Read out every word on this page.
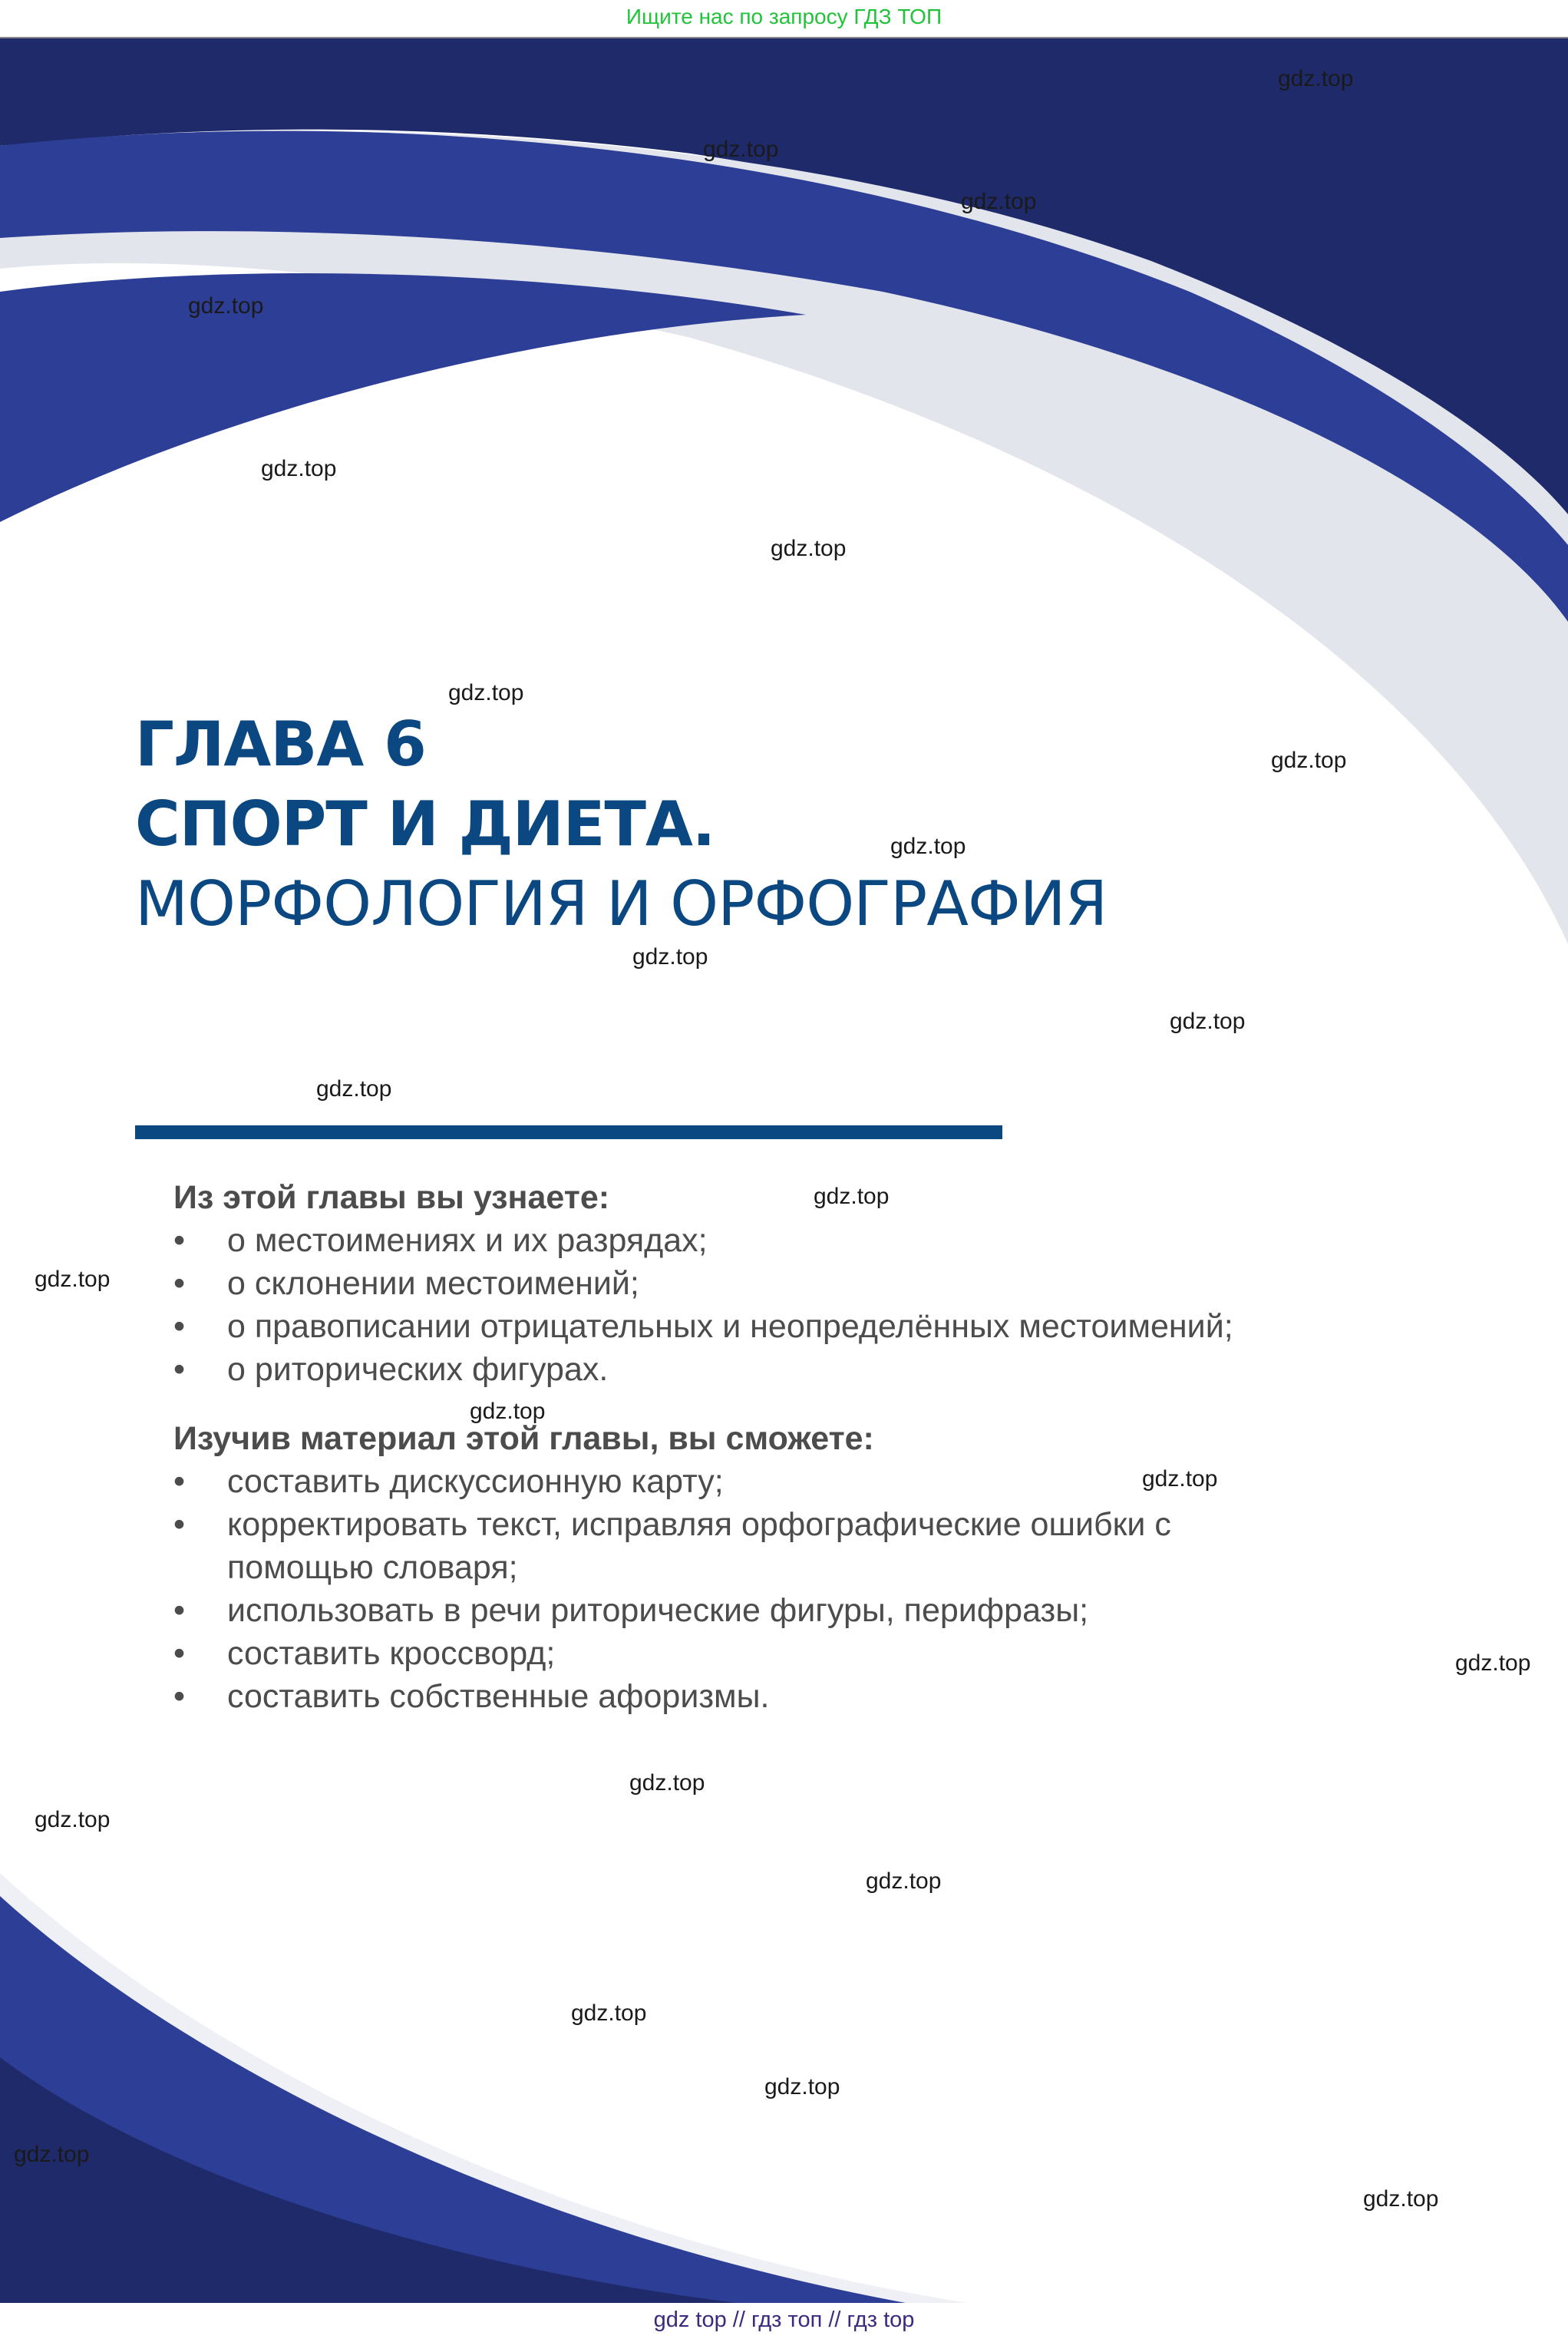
Ищите нас по запросу ГДЗ ТОП
ГЛАВА 6
СПОРТ И ДИЕТА.
МОРФОЛОГИЯ И ОРФОГРАФИЯ
Из этой главы вы узнаете:
•	о местоимениях и их разрядах;
•	о склонении местоимений;
•	о правописании отрицательных и неопределённых местоимений;
•	о риторических фигурах.
Изучив материал этой главы, вы сможете:
•	составить дискуссионную карту;
•	корректировать текст, исправляя орфографические ошибки с помощью словаря;
•	использовать в речи риторические фигуры, перифразы;
•	составить кроссворд;
•	составить собственные афоризмы.
gdz.top
gdz.top
gdz.top
gdz.top
gdz.top
gdz.top
gdz.top
gdz.top
gdz.top
gdz.top
gdz.top
gdz.top
gdz.top
gdz.top
gdz.top
gdz.top
gdz.top
gdz.top
gdz.top
gdz.top
gdz.top
gdz.top
gdz.top
gdz.top
gdz top // гдз топ // гдз top
